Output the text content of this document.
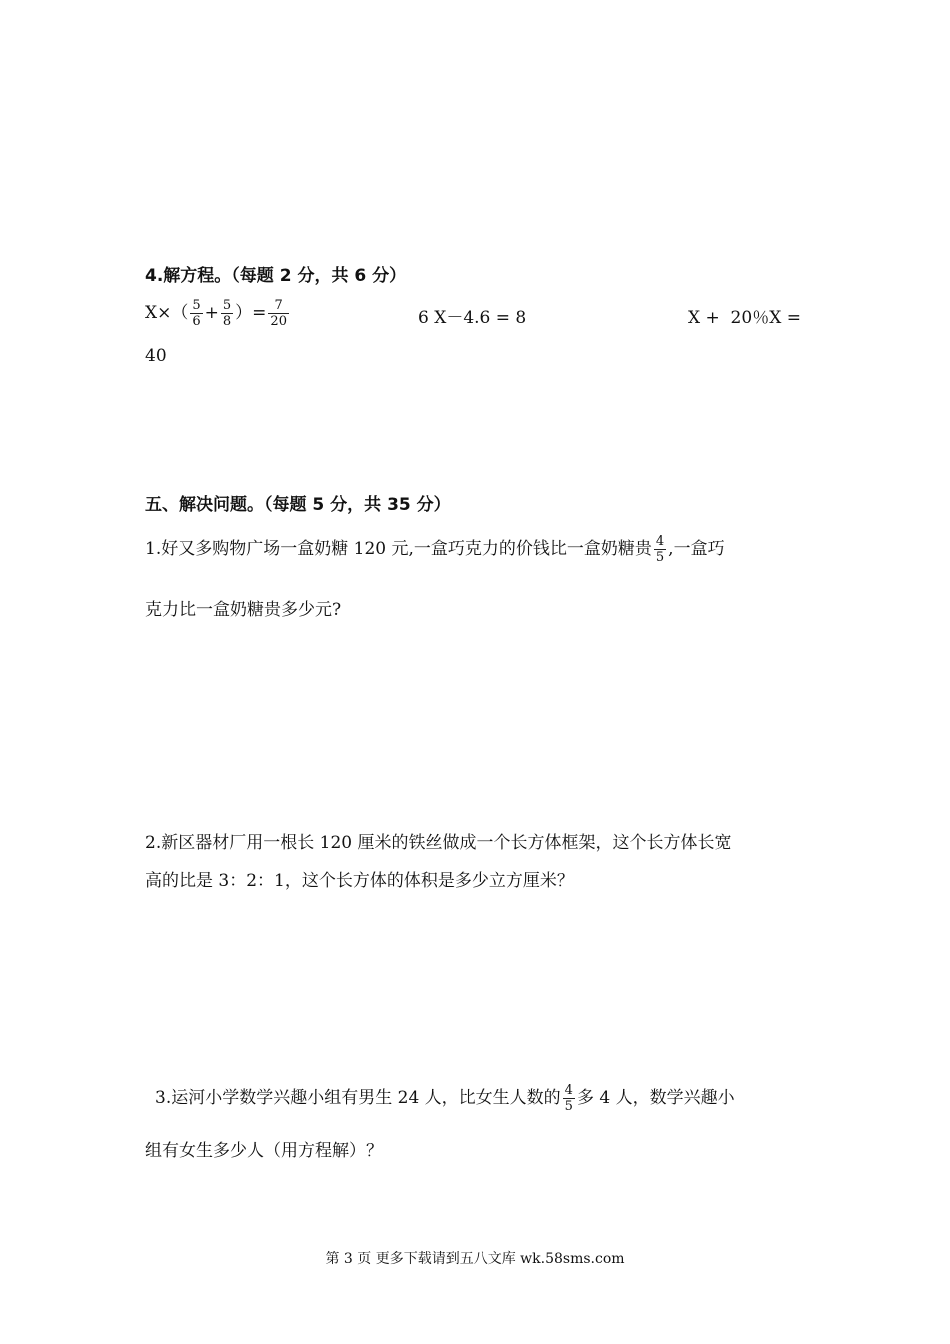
4.解方程。（每题 2 分，共 6 分）
$X\times( \frac{5}{6} + \frac{5}{8}$ ）= $\frac{7}{20}$	6 X－4.6 = 8	X +  20％X =
40
五、解决问题。（每题 5 分，共 35 分）
1.好又多购物广场一盒奶糖 120 元,一盒巧克力的价钱比一盒奶糖贵 $\frac{4}{5}$ ,一盒巧
克力比一盒奶糖贵多少元?
2.新区器材厂用一根长 120 厘米的铁丝做成一个长方体框架，这个长方体长宽
高的比是 3：2：1，这个长方体的体积是多少立方厘米？
3.运河小学数学兴趣小组有男生 24 人，比女生人数的 $\frac{4}{5}$ 多 4 人，数学兴趣小
组有女生多少人（用方程解）？
第 3 页 更多下载请到五八文库 wk.58sms.com
